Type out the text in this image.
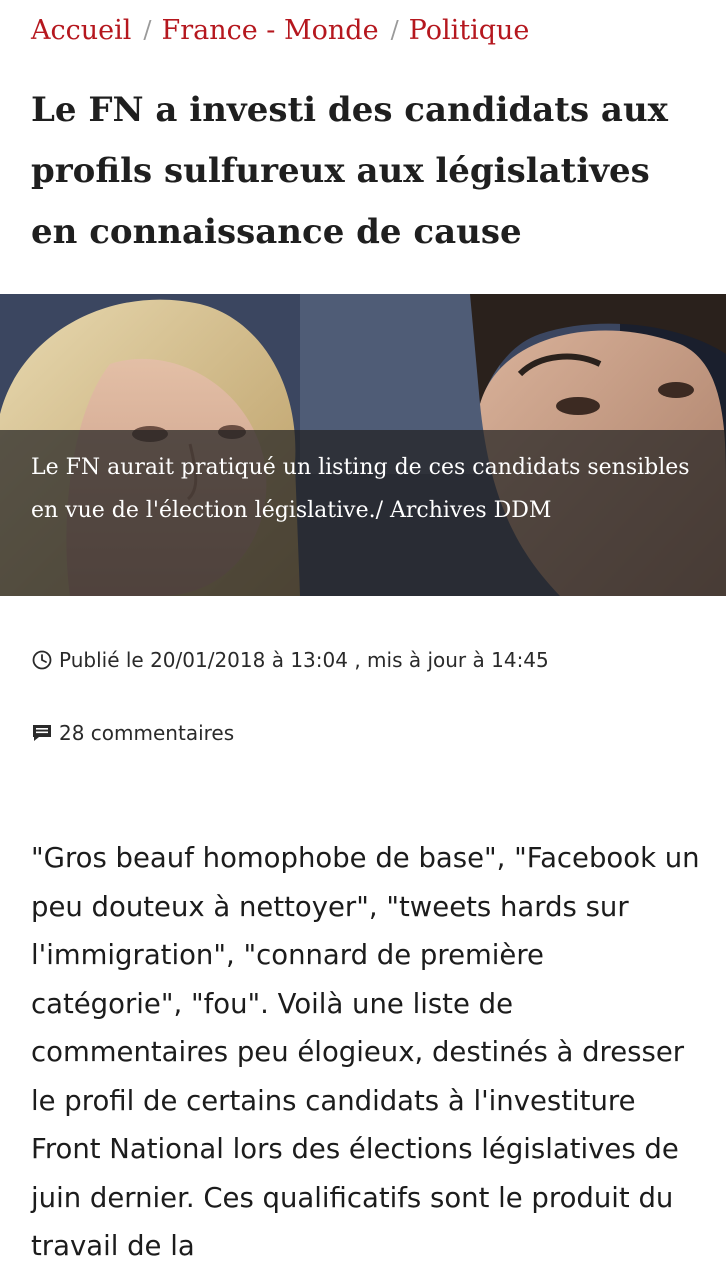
Accueil / France - Monde / Politique
Le FN a investi des candidats aux profils sulfureux aux législatives en connaissance de cause
Le FN aurait pratiqué un listing de ces candidats sensibles en vue de l'élection législative./ Archives DDM
Publié le 20/01/2018 à 13:04 , mis à jour à 14:45
28 commentaires

"Gros beauf homophobe de base", "Facebook un peu douteux à nettoyer", "tweets hards sur l'immigration", "connard de première catégorie", "fou". Voilà une liste de commentaires peu élogieux, destinés à dresser le profil de certains candidats à l'investiture Front National lors des élections législatives de juin dernier. Ces qualificatifs sont le produit du travail de la
